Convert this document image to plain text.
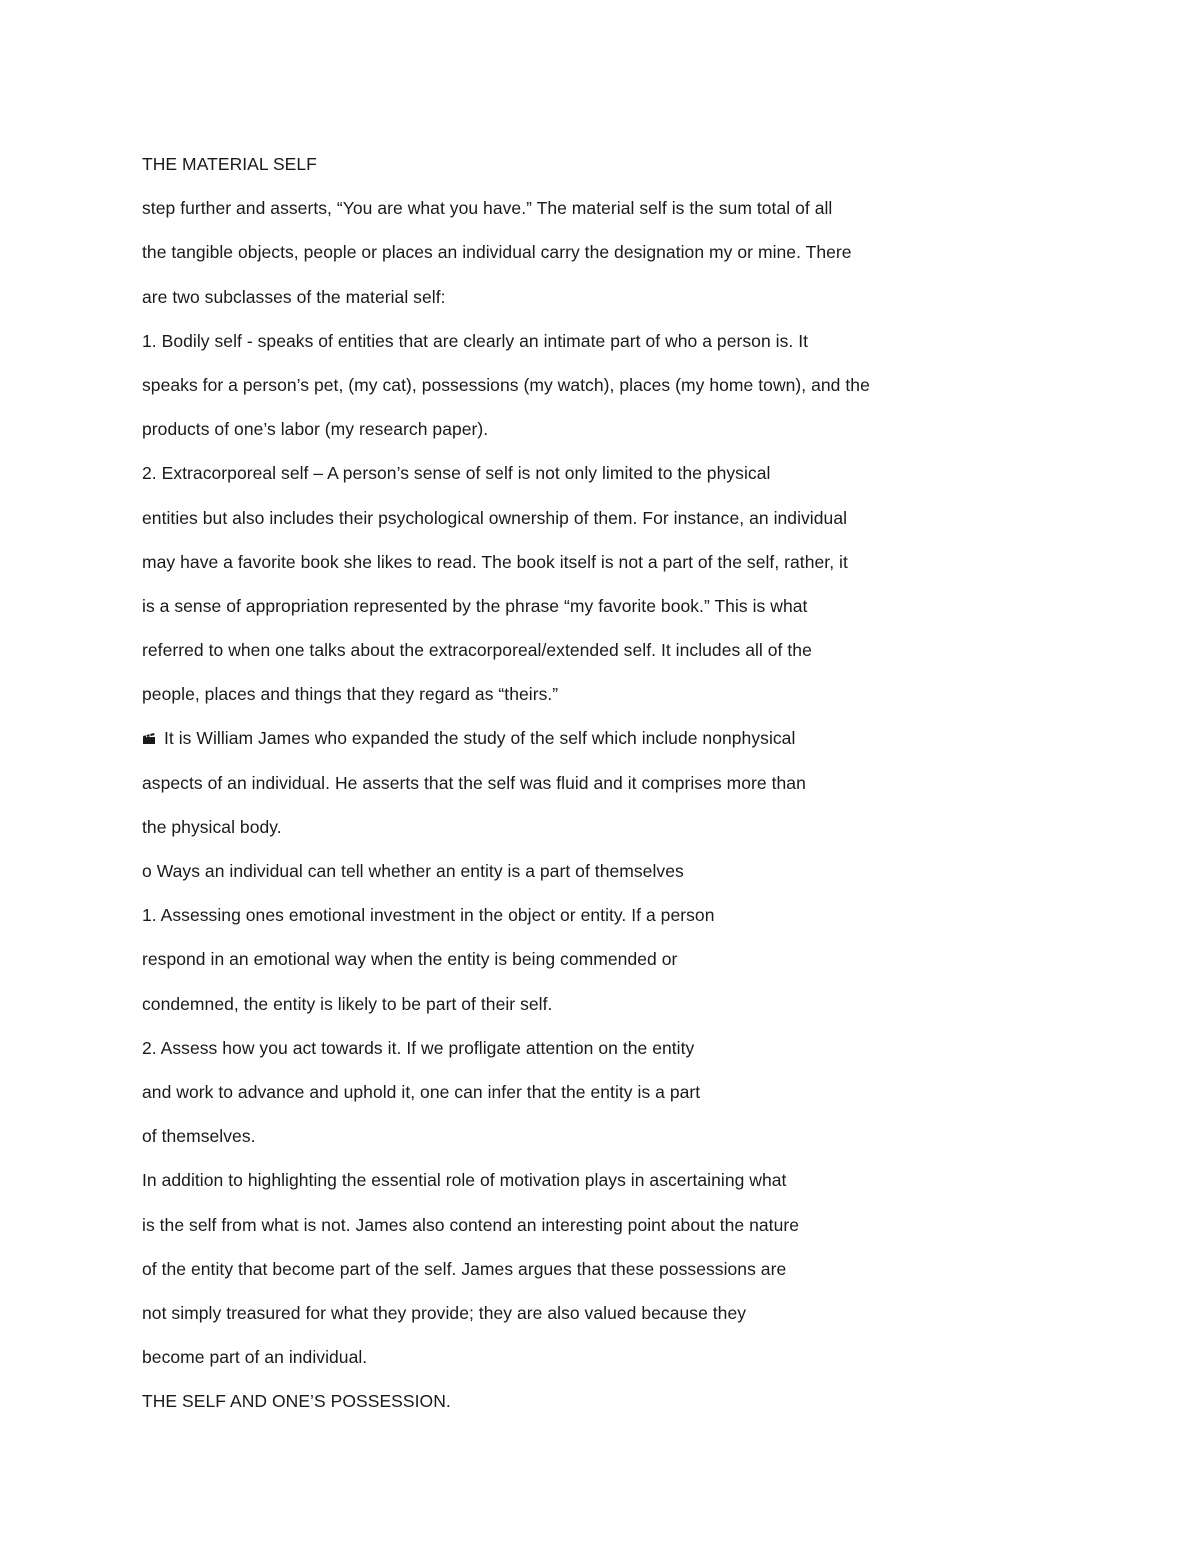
THE MATERIAL SELF
step further and asserts, “You are what you have.” The material self is the sum total of all
the tangible objects, people or places an individual carry the designation my or mine. There
are two subclasses of the material self:
1. Bodily self - speaks of entities that are clearly an intimate part of who a person is. It
speaks for a person’s pet, (my cat), possessions (my watch), places (my home town), and the
products of one’s labor (my research paper).
2. Extracorporeal self – A person’s sense of self is not only limited to the physical
entities but also includes their psychological ownership of them. For instance, an individual
may have a favorite book she likes to read. The book itself is not a part of the self, rather, it
is a sense of appropriation represented by the phrase “my favorite book.” This is what
referred to when one talks about the extracorporeal/extended self. It includes all of the
people, places and things that they regard as “theirs.”
It is William James who expanded the study of the self which include nonphysical
aspects of an individual. He asserts that the self was fluid and it comprises more than
the physical body.
o Ways an individual can tell whether an entity is a part of themselves
1. Assessing ones emotional investment in the object or entity. If a person
respond in an emotional way when the entity is being commended or
condemned, the entity is likely to be part of their self.
2. Assess how you act towards it. If we profligate attention on the entity
and work to advance and uphold it, one can infer that the entity is a part
of themselves.
In addition to highlighting the essential role of motivation plays in ascertaining what
is the self from what is not. James also contend an interesting point about the nature
of the entity that become part of the self. James argues that these possessions are
not simply treasured for what they provide; they are also valued because they
become part of an individual.
THE SELF AND ONE’S POSSESSION.
